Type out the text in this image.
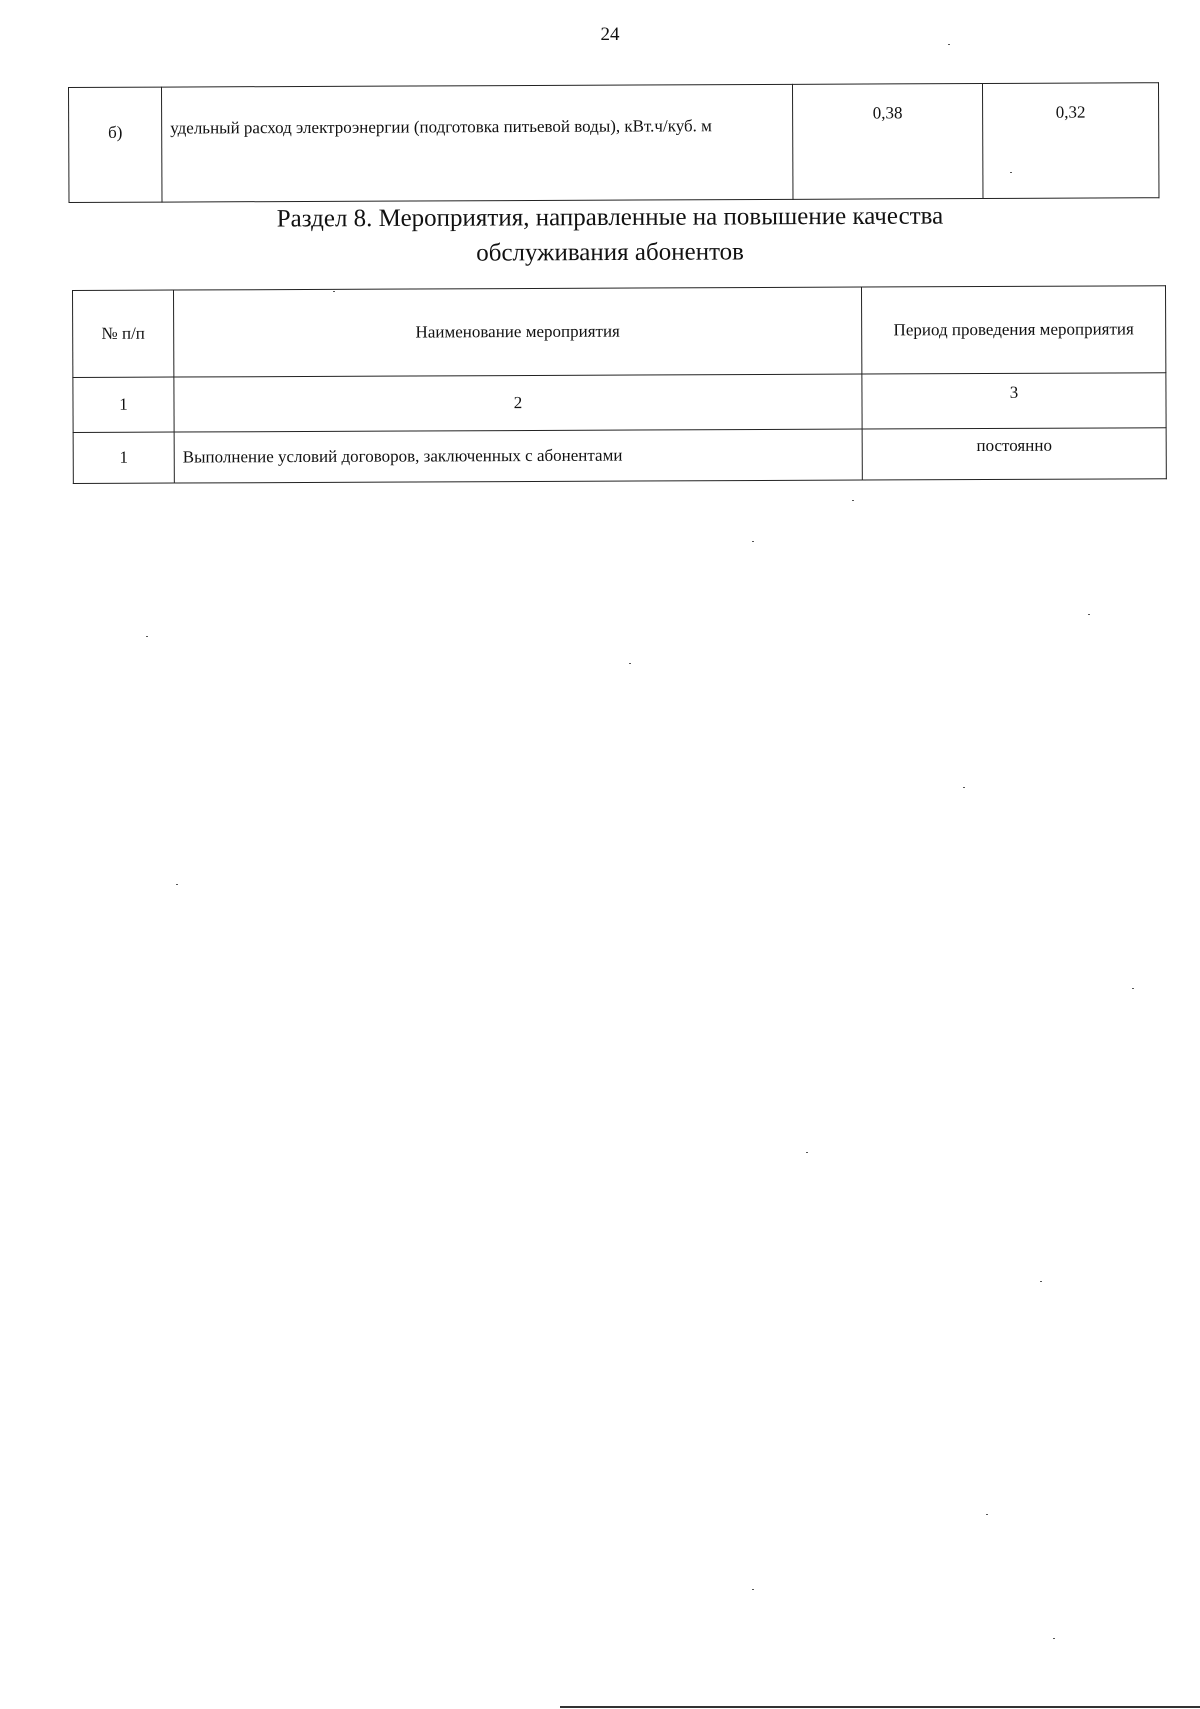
24
б)	удельный расход электроэнергии (подготовка питьевой воды), кВт.ч/куб. м	0,38	0,32
Раздел 8. Мероприятия, направленные на повышение качества
обслуживания абонентов
№ п/п	Наименование мероприятия	Период проведения мероприятия
1	2	3
1	Выполнение условий договоров, заключенных с абонентами	постоянно
